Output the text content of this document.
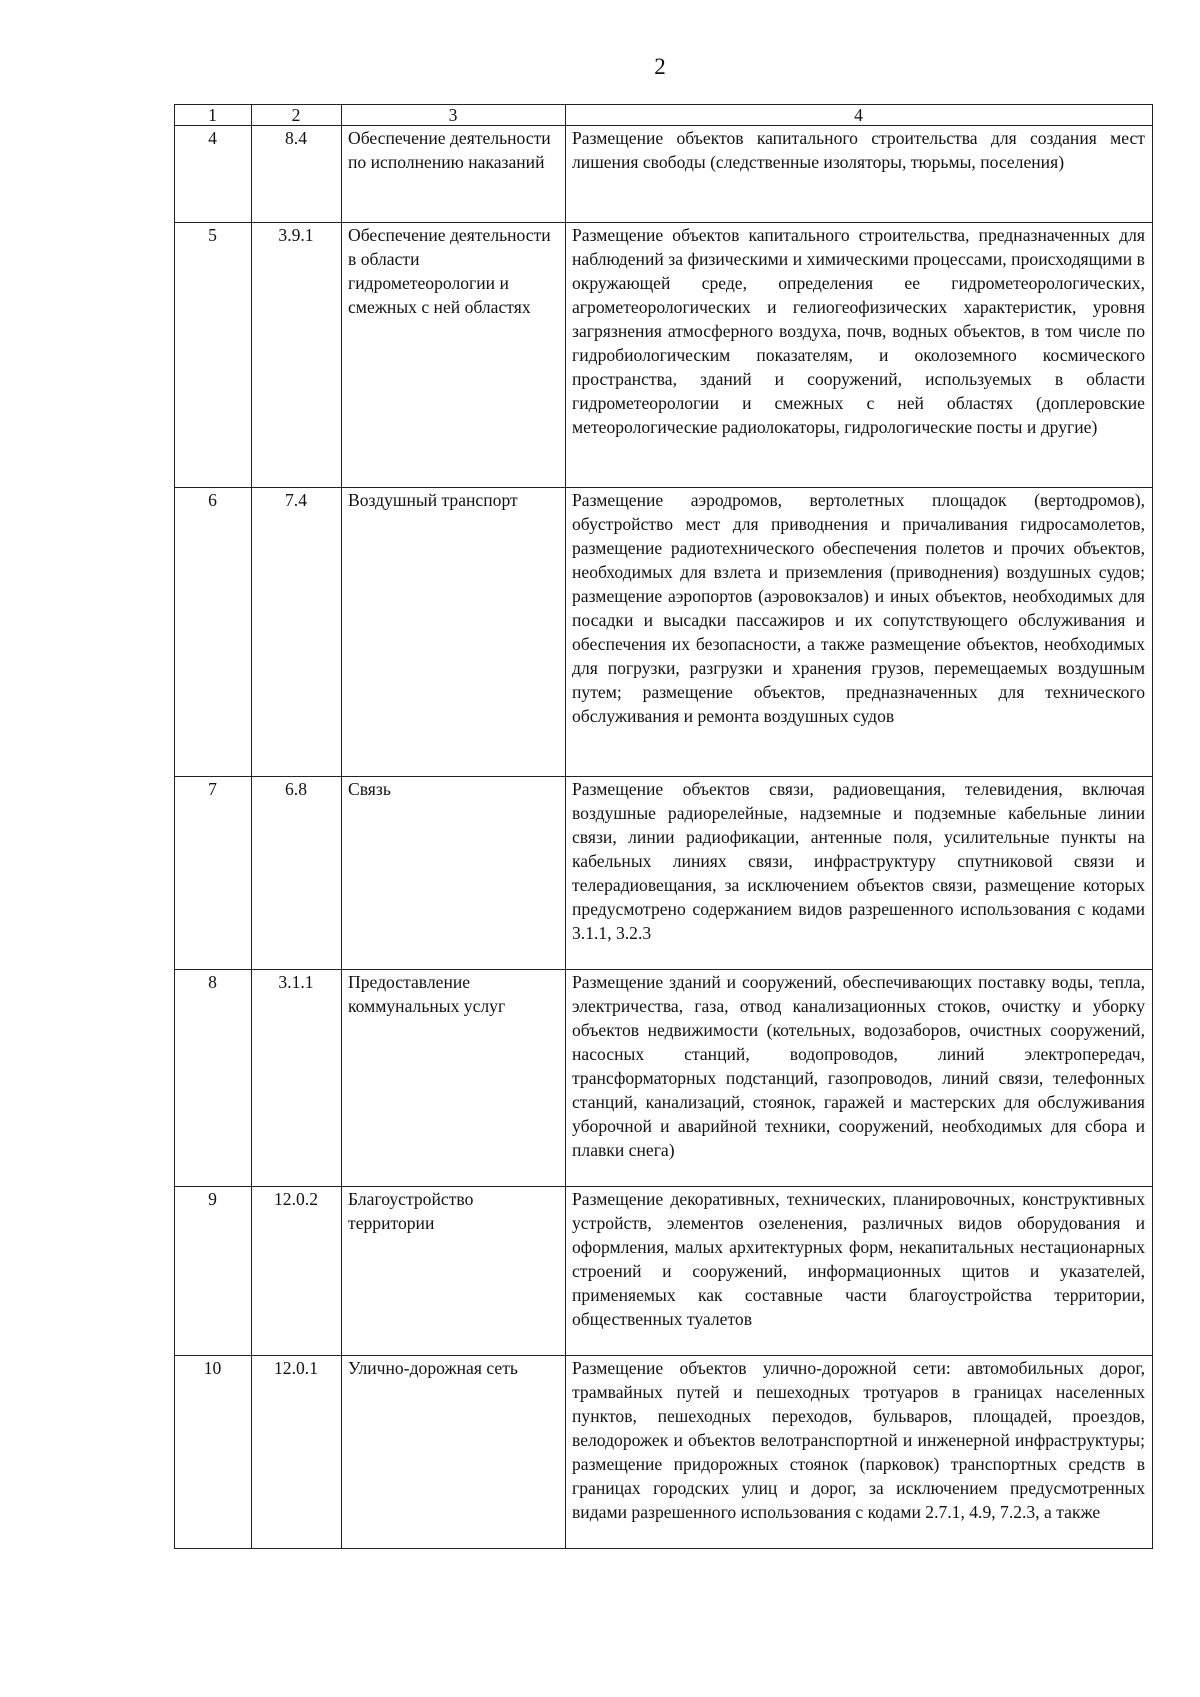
2
1	2	3	4
4	8.4	Обеспечение деятельности по исполнению наказаний	Размещение объектов капитального строительства для создания мест лишения свободы (следственные изоляторы, тюрьмы, поселения)
5	3.9.1	Обеспечение деятельности в области гидрометеорологии и смежных с ней областях	Размещение объектов капитального строительства, предназначенных для наблюдений за физическими и химическими процессами, происходящими в окружающей среде, определения ее гидрометеорологических, агрометеорологических и гелиогеофизических характеристик, уровня загрязнения атмосферного воздуха, почв, водных объектов, в том числе по гидробиологическим показателям, и околоземного космического пространства, зданий и сооружений, используемых в области гидрометеорологии и смежных с ней областях (доплеровские метеорологические радиолокаторы, гидрологические посты и другие)
6	7.4	Воздушный транспорт	Размещение аэродромов, вертолетных площадок (вертодромов), обустройство мест для приводнения и причаливания гидросамолетов, размещение радиотехнического обеспечения полетов и прочих объектов, необходимых для взлета и приземления (приводнения) воздушных судов; размещение аэропортов (аэровокзалов) и иных объектов, необходимых для посадки и высадки пассажиров и их сопутствующего обслуживания и обеспечения их безопасности, а также размещение объектов, необходимых для погрузки, разгрузки и хранения грузов, перемещаемых воздушным путем; размещение объектов, предназначенных для технического обслуживания и ремонта воздушных судов
7	6.8	Связь	Размещение объектов связи, радиовещания, телевидения, включая воздушные радиорелейные, надземные и подземные кабельные линии связи, линии радиофикации, антенные поля, усилительные пункты на кабельных линиях связи, инфраструктуру спутниковой связи и телерадиовещания, за исключением объектов связи, размещение которых предусмотрено содержанием видов разрешенного использования с кодами 3.1.1, 3.2.3
8	3.1.1	Предоставление коммунальных услуг	Размещение зданий и сооружений, обеспечивающих поставку воды, тепла, электричества, газа, отвод канализационных стоков, очистку и уборку объектов недвижимости (котельных, водозаборов, очистных сооружений, насосных станций, водопроводов, линий электропередач, трансформаторных подстанций, газопроводов, линий связи, телефонных станций, канализаций, стоянок, гаражей и мастерских для обслуживания уборочной и аварийной техники, сооружений, необходимых для сбора и плавки снега)
9	12.0.2	Благоустройство территории	Размещение декоративных, технических, планировочных, конструктивных устройств, элементов озеленения, различных видов оборудования и оформления, малых архитектурных форм, некапитальных нестационарных строений и сооружений, информационных щитов и указателей, применяемых как составные части благоустройства территории, общественных туалетов
10	12.0.1	Улично-дорожная сеть	Размещение объектов улично-дорожной сети: автомобильных дорог, трамвайных путей и пешеходных тротуаров в границах населенных пунктов, пешеходных переходов, бульваров, площадей, проездов, велодорожек и объектов велотранспортной и инженерной инфраструктуры; размещение придорожных стоянок (парковок) транспортных средств в границах городских улиц и дорог, за исключением предусмотренных видами разрешенного использования с кодами 2.7.1, 4.9, 7.2.3, а также
